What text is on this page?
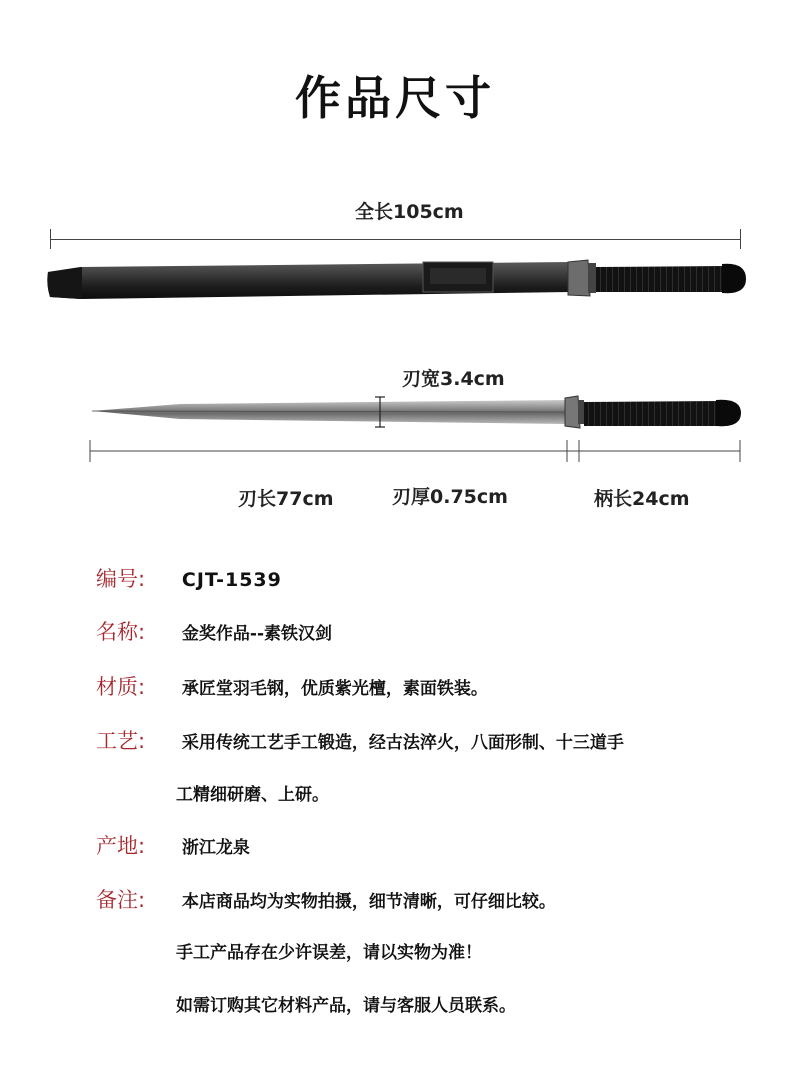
作品尺寸
全长105cm
刃宽3.4cm
刃长77cm	刃厚0.75cm	柄长24cm
编号: CJT-1539
名称: 金奖作品--素铁汉剑
材质: 承匠堂羽毛钢，优质紫光檀，素面铁装。
工艺: 采用传统工艺手工锻造，经古法淬火，八面形制、十三道手
工精细研磨、上研。
产地: 浙江龙泉
备注: 本店商品均为实物拍摄，细节清晰，可仔细比较。
手工产品存在少许误差，请以实物为准！
如需订购其它材料产品，请与客服人员联系。
